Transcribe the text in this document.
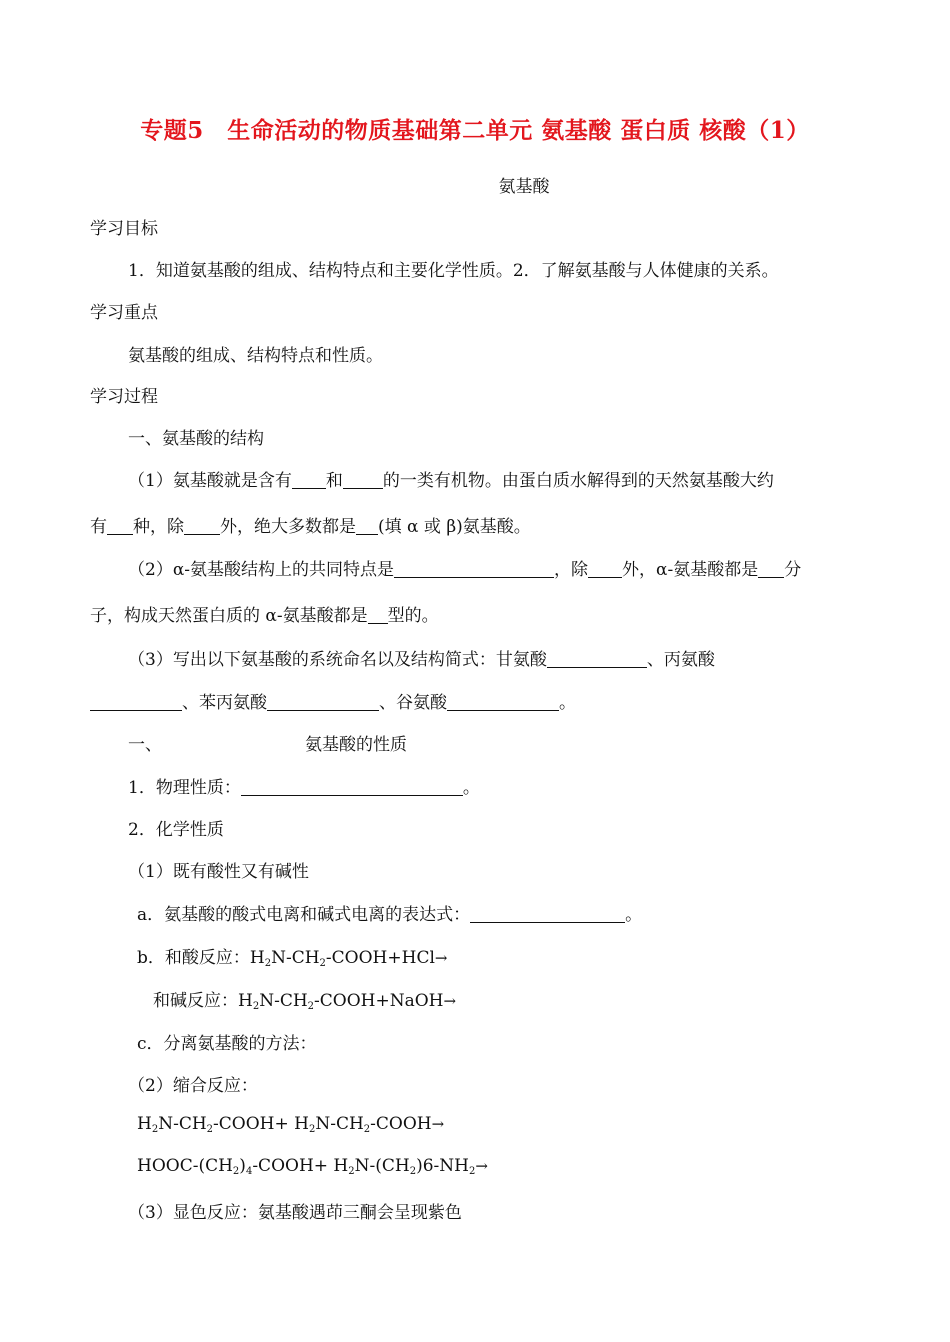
专题5　生命活动的物质基础第二单元 氨基酸 蛋白质 核酸（1）
氨基酸
学习目标
1．知道氨基酸的组成、结构特点和主要化学性质。2．了解氨基酸与人体健康的关系。
学习重点
氨基酸的组成、结构特点和性质。
学习过程
一、氨基酸的结构
（1）氨基酸就是含有 和 的一类有机物。由蛋白质水解得到的天然氨基酸大约
有 种，除 外，绝大多数都是 (填 α 或 β)氨基酸。
（2）α-氨基酸结构上的共同特点是	，除 外，α-氨基酸都是 分
子，构成天然蛋白质的 α-氨基酸都是 型的。
（3）写出以下氨基酸的系统命名以及结构简式：甘氨酸	、丙氨酸
、苯丙氨酸	、谷氨酸	。
一、	氨基酸的性质
1．物理性质：	。
2．化学性质
（1）既有酸性又有碱性
a．氨基酸的酸式电离和碱式电离的表达式：	。
b．和酸反应：$H_2N-CH_2-COOH+HCl\to$
和碱反应：$H_2N-CH_2-COOH+NaOH\to$
c．分离氨基酸的方法：
（2）缩合反应：
$H_2N-CH_2-COOH+$ $H_2N-CH_2-COOH\to$
HOOC-$(CH_2)_4-COOH+ H_2N-(CH_2)6-NH_2\to$
（3）显色反应：氨基酸遇茚三酮会呈现紫色
